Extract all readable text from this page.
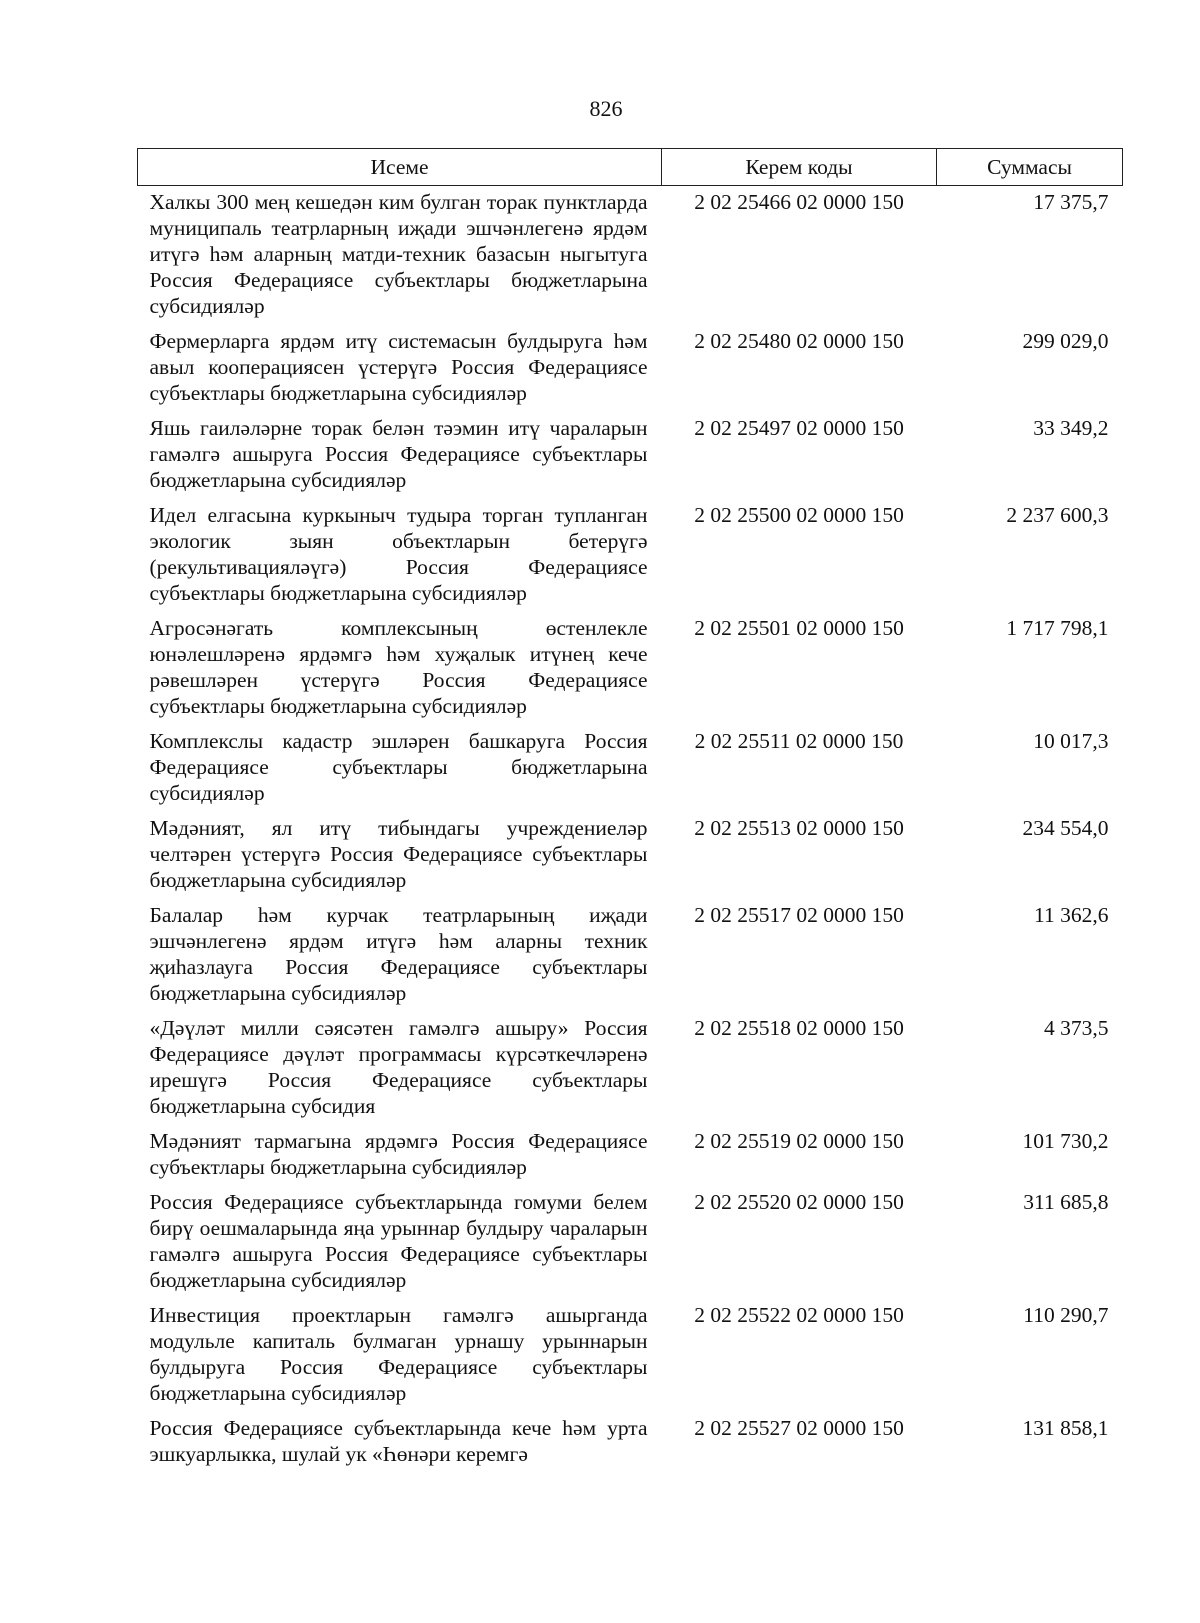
826
Исеме	Керем коды	Суммасы
Халкы 300 мең кешедән ким булган торак пунктларда муниципаль театрларның иҗади эшчәнлегенә ярдәм итүгә һәм аларның матди-техник базасын ныгытуга Россия Федерациясе субъектлары бюджетларына субсидияләр	2 02 25466 02 0000 150	17 375,7
Фермерларга ярдәм итү системасын булдыруга һәм авыл кооперациясен үстерүгә Россия Федерациясе субъектлары бюджетларына субсидияләр	2 02 25480 02 0000 150	299 029,0
Яшь гаиләләрне торак белән тәэмин итү чараларын гамәлгә ашыруга Россия Федерациясе субъектлары бюджетларына субсидияләр	2 02 25497 02 0000 150	33 349,2
Идел елгасына куркыныч тудыра торган тупланган экологик зыян объектларын бетерүгә (рекультивацияләүгә) Россия Федерациясе субъектлары бюджетларына субсидияләр	2 02 25500 02 0000 150	2 237 600,3
Агросәнәгать комплексының өстенлекле юнәлешләренә ярдәмгә һәм хуҗалык итүнең кече рәвешләрен үстерүгә Россия Федерациясе субъектлары бюджетларына субсидияләр	2 02 25501 02 0000 150	1 717 798,1
Комплекслы кадастр эшләрен башкаруга Россия Федерациясе субъектлары бюджетларына субсидияләр	2 02 25511 02 0000 150	10 017,3
Мәдәният, ял итү тибындагы учреждениеләр челтәрен үстерүгә Россия Федерациясе субъектлары бюджетларына субсидияләр	2 02 25513 02 0000 150	234 554,0
Балалар һәм курчак театрларының иҗади эшчәнлегенә ярдәм итүгә һәм аларны техник җиһазлауга Россия Федерациясе субъектлары бюджетларына субсидияләр	2 02 25517 02 0000 150	11 362,6
«Дәүләт милли сәясәтен гамәлгә ашыру» Россия Федерациясе дәүләт программасы күрсәткечләренә ирешүгә Россия Федерациясе субъектлары бюджетларына субсидия	2 02 25518 02 0000 150	4 373,5
Мәдәният тармагына ярдәмгә Россия Федерациясе субъектлары бюджетларына субсидияләр	2 02 25519 02 0000 150	101 730,2
Россия Федерациясе субъектларында гомуми белем бирү оешмаларында яңа урыннар булдыру чараларын гамәлгә ашыруга Россия Федерациясе субъектлары бюджетларына субсидияләр	2 02 25520 02 0000 150	311 685,8
Инвестиция проектларын гамәлгә ашырганда модульле капиталь булмаган урнашу урыннарын булдыруга Россия Федерациясе субъектлары бюджетларына субсидияләр	2 02 25522 02 0000 150	110 290,7
Россия Федерациясе субъектларында кече һәм урта эшкуарлыкка, шулай ук «Һөнәри керемгә	2 02 25527 02 0000 150	131 858,1
